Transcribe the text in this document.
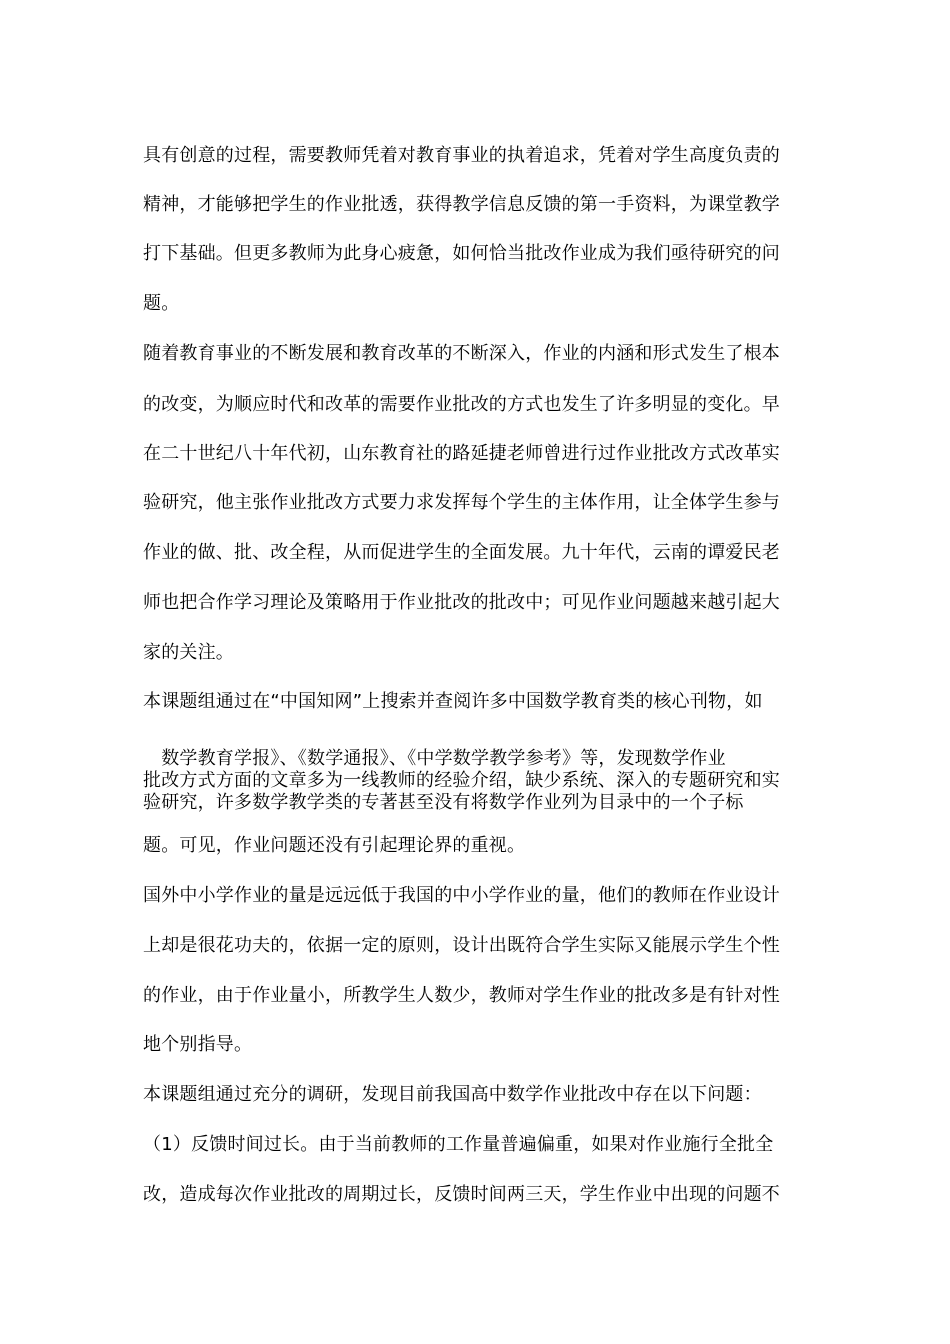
具有创意的过程，需要教师凭着对教育事业的执着追求，凭着对学生高度负责的
精神，才能够把学生的作业批透，获得教学信息反馈的第一手资料，为课堂教学
打下基础。但更多教师为此身心疲惫，如何恰当批改作业成为我们亟待研究的问
题。
随着教育事业的不断发展和教育改革的不断深入，作业的内涵和形式发生了根本
的改变，为顺应时代和改革的需要作业批改的方式也发生了许多明显的变化。早
在二十世纪八十年代初，山东教育社的路延捷老师曾进行过作业批改方式改革实
验研究，他主张作业批改方式要力求发挥每个学生的主体作用，让全体学生参与
作业的做、批、改全程，从而促进学生的全面发展。九十年代，云南的谭爱民老
师也把合作学习理论及策略用于作业批改的批改中；可见作业问题越来越引起大
家的关注。
本课题组通过在“中国知网”上搜索并查阅许多中国数学教育类的核心刊物，如
　数学教育学报》、《数学通报》、《中学数学教学参考》等，发现数学作业
批改方式方面的文章多为一线教师的经验介绍，缺少系统、深入的专题研究和实
验研究，许多数学教学类的专著甚至没有将数学作业列为目录中的一个子标
题。可见，作业问题还没有引起理论界的重视。
国外中小学作业的量是远远低于我国的中小学作业的量，他们的教师在作业设计
上却是很花功夫的，依据一定的原则，设计出既符合学生实际又能展示学生个性
的作业，由于作业量小，所教学生人数少，教师对学生作业的批改多是有针对性
地个别指导。
本课题组通过充分的调研，发现目前我国高中数学作业批改中存在以下问题：
（1）反馈时间过长。由于当前教师的工作量普遍偏重，如果对作业施行全批全
改，造成每次作业批改的周期过长，反馈时间两三天，学生作业中出现的问题不
